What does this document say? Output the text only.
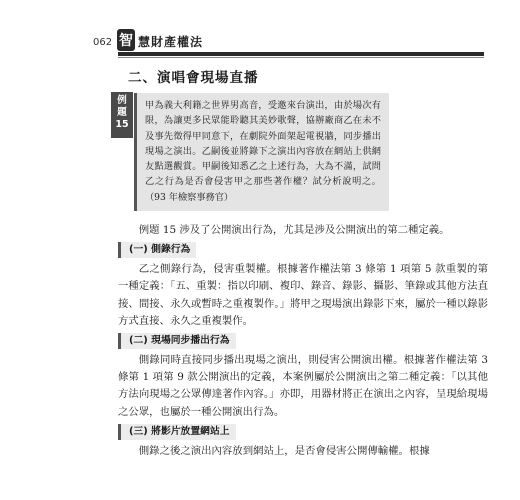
062 智 慧財產權法
二、演唱會現場直播
例
題
15
甲為義大利籍之世界男高音，受邀來台演出，由於場次有限，為讓更多民眾能聆聽其美妙歌聲，協辦廠商乙在未不及事先徵得甲同意下，在劇院外面架起電視牆，同步播出現場之演出。乙嗣後並將錄下之演出內容放在網站上供網友點選觀賞。甲嗣後知悉乙之上述行為，大為不滿，試問乙之行為是否會侵害甲之那些著作權？試分析說明之。（93 年檢察事務官）

例題 15 涉及了公開演出行為，尤其是涉及公開演出的第二種定義。

(一) 側錄行為

乙之側錄行為，侵害重製權。根據著作權法第 3 條第 1 項第 5 款重製的第一種定義：「五、重製：指以印刷、複印、錄音、錄影、攝影、筆錄或其他方法直接、間接、永久或暫時之重複製作。」將甲之現場演出錄影下來，屬於一種以錄影方式直接、永久之重複製作。

(二) 現場同步播出行為

側錄同時直接同步播出現場之演出，則侵害公開演出權。根據著作權法第 3 條第 1 項第 9 款公開演出的定義，本案例屬於公開演出之第二種定義：「以其他方法向現場之公眾傳達著作內容。」亦即，用器材將正在演出之內容，呈現給現場之公眾，也屬於一種公開演出行為。

(三) 將影片放置網站上

側錄之後之演出內容放到網站上，是否會侵害公開傳輸權。根據
